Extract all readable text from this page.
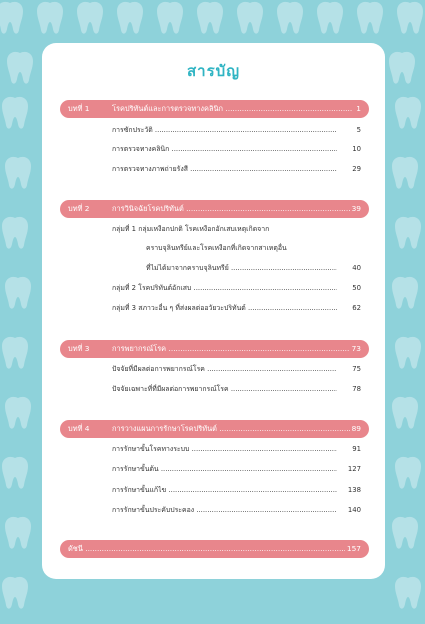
สารบัญ
บทที่ 1	โรคปริทันต์และการตรวจทางคลินิก .....	1
การซักประวัติ .....	5
การตรวจทางคลินิก .....	10
การตรวจทางภาพถ่ายรังสี .....	29
บทที่ 2	การวินิจฉัยโรคปริทันต์ .....	39
กลุ่มที่ 1 กลุ่มเหงือกปกติ โรคเหงือกอักเสบเหตุเกิดจาก
คราบจุลินทรีย์และโรคเหงือกที่เกิดจากสาเหตุอื่น
ที่ไม่ได้มาจากคราบจุลินทรีย์ .....	40
กลุ่มที่ 2 โรคปริทันต์อักเสบ .....	50
กลุ่มที่ 3 สภาวะอื่น ๆ ที่ส่งผลต่ออวัยวะปริทันต์ .....	62
บทที่ 3	การพยากรณ์โรค .....	73
ปัจจัยที่มีผลต่อการพยากรณ์โรค .....	75
ปัจจัยเฉพาะที่ที่มีผลต่อการพยากรณ์โรค .....	78
บทที่ 4	การวางแผนการรักษาโรคปริทันต์ .....	89
การรักษาขั้นโรคทางระบบ .....	91
การรักษาขั้นต้น .....	127
การรักษาขั้นแก้ไข .....	138
การรักษาขั้นประคับประคอง .....	140
ดัชนี .....	157
